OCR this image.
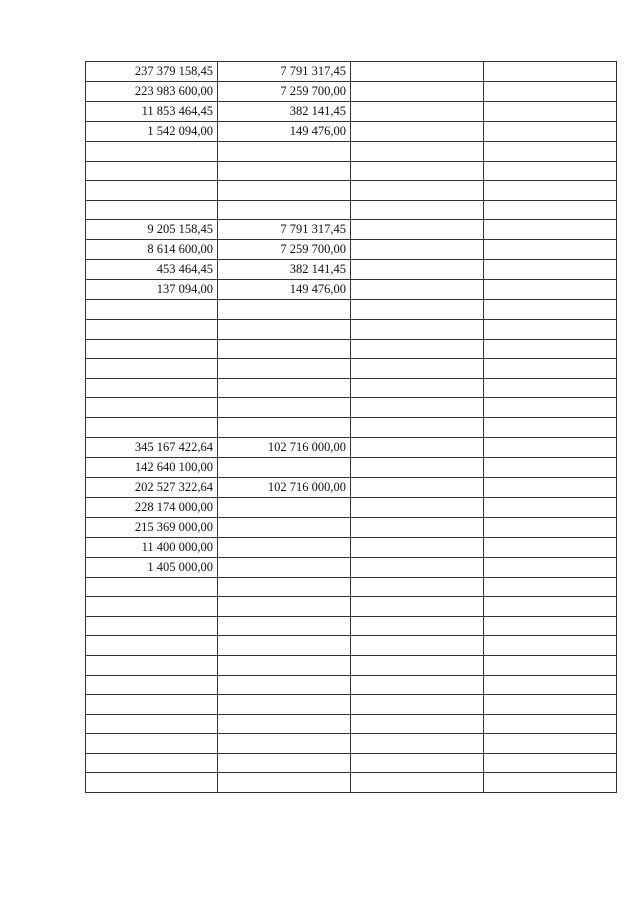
237 379 158,45	7 791 317,45		
223 983 600,00	7 259 700,00		
11 853 464,45	382 141,45		
1 542 094,00	149 476,00		

9 205 158,45	7 791 317,45		
8 614 600,00	7 259 700,00		
453 464,45	382 141,45		
137 094,00	149 476,00		

345 167 422,64	102 716 000,00		
142 640 100,00			
202 527 322,64	102 716 000,00		
228 174 000,00			
215 369 000,00			
11 400 000,00			
1 405 000,00			
